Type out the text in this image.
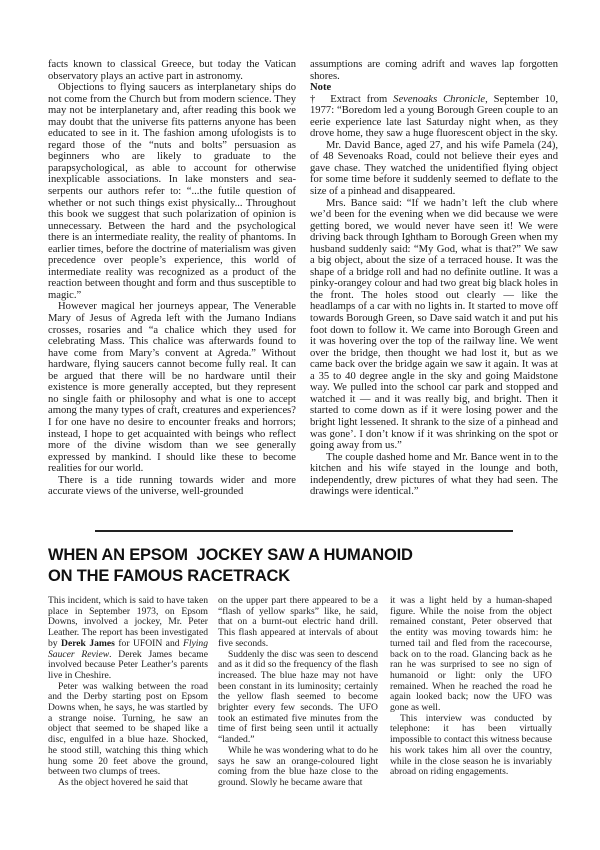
facts known to classical Greece, but today the Vatican observatory plays an active part in astronomy.

Objections to flying saucers as interplanetary ships do not come from the Church but from modern science. They may not be interplanetary and, after reading this book we may doubt that the universe fits patterns anyone has been educated to see in it. The fashion among ufologists is to regard those of the “nuts and bolts” persuasion as beginners who are likely to graduate to the parapsychological, as able to account for otherwise inexplicable associations. In lake monsters and sea-serpents our authors refer to: “...the futile question of whether or not such things exist physically... Throughout this book we suggest that such polarization of opinion is unnecessary. Between the hard and the psychological there is an intermediate reality, the reality of phantoms. In earlier times, before the doctrine of materialism was given precedence over people’s experience, this world of intermediate reality was recognized as a product of the reaction between thought and form and thus susceptible to magic.”

However magical her journeys appear, The Venerable Mary of Jesus of Agreda left with the Jumano Indians crosses, rosaries and “a chalice which they used for celebrating Mass. This chalice was afterwards found to have come from Mary’s convent at Agreda.” Without hardware, flying saucers cannot become fully real. It can be argued that there will be no hardware until their existence is more generally accepted, but they represent no single faith or philosophy and what is one to accept among the many types of craft, creatures and experiences? I for one have no desire to encounter freaks and horrors; instead, I hope to get acquainted with beings who reflect more of the divine wisdom than we see generally expressed by mankind. I should like these to become realities for our world.

There is a tide running towards wider and more accurate views of the universe, well-grounded

assumptions are coming adrift and waves lap forgotten shores.

Note

† Extract from Sevenoaks Chronicle, September 10, 1977: “Boredom led a young Borough Green couple to an eerie experience late last Saturday night when, as they drove home, they saw a huge fluorescent object in the sky.

Mr. David Bance, aged 27, and his wife Pamela (24), of 48 Sevenoaks Road, could not believe their eyes and gave chase. They watched the unidentified flying object for some time before it suddenly seemed to deflate to the size of a pinhead and disappeared.

Mrs. Bance said: “If we hadn’t left the club where we’d been for the evening when we did because we were getting bored, we would never have seen it! We were driving back through Ightham to Borough Green when my husband suddenly said: “My God, what is that?” We saw a big object, about the size of a terraced house. It was the shape of a bridge roll and had no definite outline. It was a pinky-orangey colour and had two great big black holes in the front. The holes stood out clearly — like the headlamps of a car with no lights in. It started to move off towards Borough Green, so Dave said watch it and put his foot down to follow it. We came into Borough Green and it was hovering over the top of the railway line. We went over the bridge, then thought we had lost it, but as we came back over the bridge again we saw it again. It was at a 35 to 40 degree angle in the sky and going Maidstone way. We pulled into the school car park and stopped and watched it — and it was really big, and bright. Then it started to come down as if it were losing power and the bright light lessened. It shrank to the size of a pinhead and was gone’. I don’t know if it was shrinking on the spot or going away from us.”

The couple dashed home and Mr. Bance went in to the kitchen and his wife stayed in the lounge and both, independently, drew pictures of what they had seen. The drawings were identical.”

WHEN AN EPSOM  JOCKEY SAW A HUMANOID
ON THE FAMOUS RACETRACK

This incident, which is said to have taken place in September 1973, on Epsom Downs, involved a jockey, Mr. Peter Leather. The report has been investigated by Derek James for UFOIN and Flying Saucer Review. Derek James became involved because Peter Leather’s parents live in Cheshire.

Peter was walking between the road and the Derby starting post on Epsom Downs when, he says, he was startled by a strange noise. Turning, he saw an object that seemed to be shaped like a disc, engulfed in a blue haze. Shocked, he stood still, watching this thing which hung some 20 feet above the ground, between two clumps of trees.

As the object hovered he said that

on the upper part there appeared to be a “flash of yellow sparks” like, he said, that on a burnt-out electric hand drill. This flash appeared at intervals of about five seconds.

Suddenly the disc was seen to descend and as it did so the frequency of the flash increased. The blue haze may not have been constant in its luminosity; certainly the yellow flash seemed to become brighter every few seconds. The UFO took an estimated five minutes from the time of first being seen until it actually “landed.”

While he was wondering what to do he says he saw an orange-coloured light coming from the blue haze close to the ground. Slowly he became aware that

it was a light held by a human-shaped figure. While the noise from the object remained constant, Peter observed that the entity was moving towards him: he turned tail and fled from the racecourse, back on to the road. Glancing back as he ran he was surprised to see no sign of humanoid or light: only the UFO remained. When he reached the road he again looked back; now the UFO was gone as well.

This interview was conducted by telephone: it has been virtually impossible to contact this witness because his work takes him all over the country, while in the close season he is invariably abroad on riding engagements.
